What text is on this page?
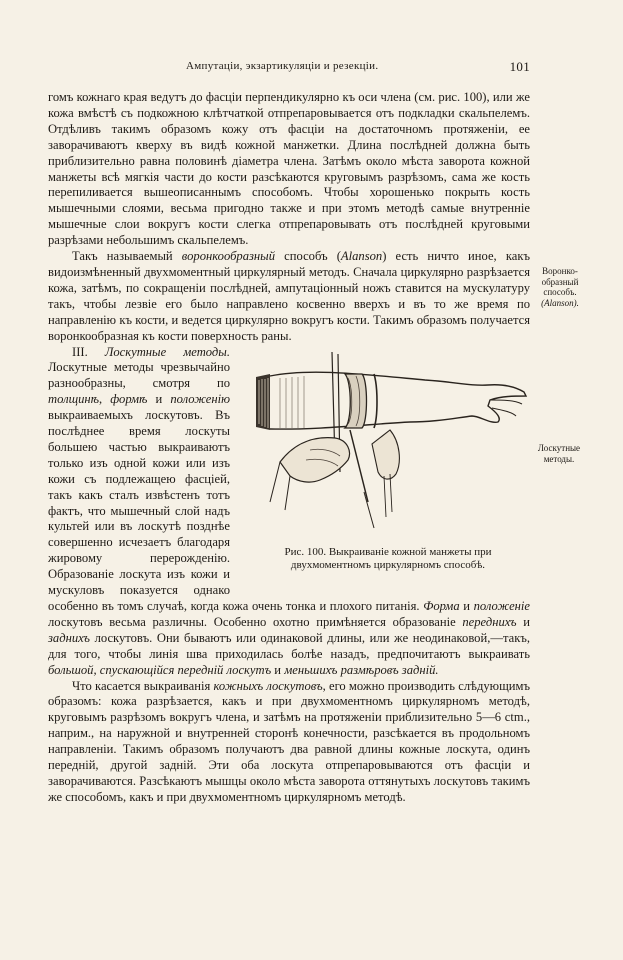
Ампутаціи, экзартикуляціи и резекціи.	101

гомъ кожнаго края ведутъ до фасціи перпендикулярно къ оси члена (см. рис. 100), или же кожа вмѣстѣ съ подкожною клѣтчаткой отпрепаровывается отъ подкладки скальпелемъ. Отдѣливъ такимъ образомъ кожу отъ фасціи на достаточномъ протяженіи, ее заворачиваютъ кверху въ видѣ кожной манжетки. Длина послѣдней должна быть приблизительно равна половинѣ діаметра члена. Затѣмъ около мѣста заворота кожной манжеты всѣ мягкія части до кости разсѣкаются круговымъ разрѣзомъ, сама же кость перепиливается вышеописаннымъ способомъ. Чтобы хорошенько покрыть кость мышечными слоями, весьма пригодно также и при этомъ методѣ самые внутренніе мышечные слои вокругъ кости слегка отпрепаровывать отъ послѣдней круговыми разрѣзами небольшимъ скальпелемъ.

Такъ называемый воронкообразный способъ (Alanson) есть ничто иное, какъ видоизмѣненный двухмоментный циркулярный методъ. Сначала циркулярно разрѣзается кожа, затѣмъ, по сокращеніи послѣдней, ампутаціонный ножъ ставится на мускулатуру такъ, чтобы лезвіе его было направлено косвенно вверхъ и въ то же время по направленію къ кости, и ведется циркулярно вокругъ кости. Такимъ образомъ получается воронкообразная къ кости поверхность раны.

Рис. 100. Выкраиваніе кожной манжеты при двухмоментномъ циркулярномъ способѣ.

III. Лоскутные методы. Лоскутные методы чрезвычайно разнообразны, смотря по толщинѣ, формѣ и положенію выкраиваемыхъ лоскутовъ. Въ послѣднее время лоскуты большею частью выкраиваютъ только изъ одной кожи или изъ кожи съ подлежащею фасціей, такъ какъ сталъ извѣстенъ тотъ фактъ, что мышечный слой надъ культей или въ лоскутѣ позднѣе совершенно исчезаетъ благодаря жировому перерожденію. Образованіе лоскута изъ кожи и мускуловъ показуется однако особенно въ томъ случаѣ, когда кожа очень тонка и плохого питанія. Форма и положеніе лоскутовъ весьма различны. Особенно охотно примѣняется образованіе переднихъ и заднихъ лоскутовъ. Они бываютъ или одинаковой длины, или же неодинаковой,—такъ, для того, чтобы линія шва приходилась болѣе назадъ, предпочитаютъ выкраивать большой, спускающійся передній лоскутъ и меньшихъ размѣровъ задній.

Что касается выкраиванія кожныхъ лоскутовъ, его можно производить слѣдующимъ образомъ: кожа разрѣзается, какъ и при двухмоментномъ циркулярномъ методѣ, круговымъ разрѣзомъ вокругъ члена, и затѣмъ на протяженіи приблизительно 5—6 ctm., наприм., на наружной и внутренней сторонѣ конечности, разсѣкается въ продольномъ направленіи. Такимъ образомъ получаютъ два равной длины кожные лоскута, одинъ передній, другой задній. Эти оба лоскута отпрепаровываются отъ фасціи и заворачиваются. Разсѣкаютъ мышцы около мѣста заворота оттянутыхъ лоскутовъ такимъ же способомъ, какъ и при двухмоментномъ циркулярномъ методѣ.

Воронко-
образный
способъ.
(Alanson).
Лоскутные
методы.
